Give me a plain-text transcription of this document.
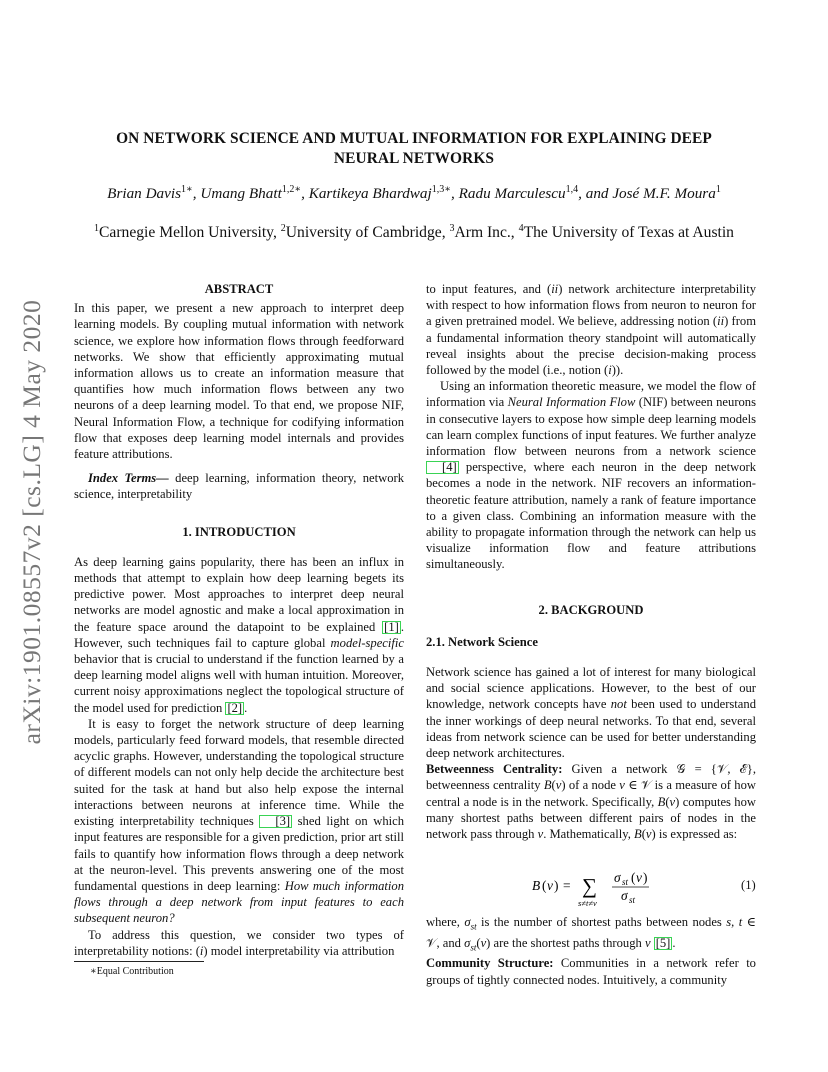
ON NETWORK SCIENCE AND MUTUAL INFORMATION FOR EXPLAINING DEEP
NEURAL NETWORKS
Brian Davis$^{1∗}$, Umang Bhatt$^{1,2∗}$, Kartikeya Bhardwaj$^{1,3∗}$, Radu Marculescu$^{1,4}$, and José M.F. Moura$^1$
$^1$Carnegie Mellon University, $^2$University of Cambridge, $^3$Arm Inc., $^4$The University of Texas at Austin
arXiv:1901.08557v2 [cs.LG] 4 May 2020

ABSTRACT

In this paper, we present a new approach to interpret deep learning models. By coupling mutual information with network science, we explore how information flows through feedforward networks. We show that efficiently approximating mutual information allows us to create an information measure that quantifies how much information flows between any two neurons of a deep learning model. To that end, we propose NIF, Neural Information Flow, a technique for codifying information flow that exposes deep learning model internals and provides feature attributions.

Index Terms— deep learning, information theory, network science, interpretability

1. INTRODUCTION

As deep learning gains popularity, there has been an influx in methods that attempt to explain how deep learning begets its predictive power. Most approaches to interpret deep neural networks are model agnostic and make a local approximation in the feature space around the datapoint to be explained [1] . However, such techniques fail to capture global model-specific behavior that is crucial to understand if the function learned by a deep learning model aligns well with human intuition. Moreover, current noisy approximations neglect the topological structure of the model used for prediction [2] .

It is easy to forget the network structure of deep learning models, particularly feed forward models, that resemble directed acyclic graphs. However, understanding the topological structure of different models can not only help decide the architecture best suited for the task at hand but also help expose the internal interactions between neurons at inference time. While the existing interpretability techniques [3] shed light on which input features are responsible for a given prediction, prior art still fails to quantify how information flows through a deep network at the neuron-level. This prevents answering one of the most fundamental questions in deep learning: How much information flows through a deep network from input features to each subsequent neuron?

To address this question, we consider two types of interpretability notions: (i) model interpretability via attribution

∗Equal Contribution

to input features, and (ii) network architecture interpretability with respect to how information flows from neuron to neuron for a given pretrained model. We believe, addressing notion (ii) from a fundamental information theory standpoint will automatically reveal insights about the precise decision-making process followed by the model (i.e., notion (i)).

Using an information theoretic measure, we model the flow of information via Neural Information Flow (NIF) between neurons in consecutive layers to expose how simple deep learning models can learn complex functions of input features. We further analyze information flow between neurons from a network science [4] perspective, where each neuron in the deep network becomes a node in the network. NIF recovers an information-theoretic feature attribution, namely a rank of feature importance to a given class. Combining an information measure with the ability to propagate information through the network can help us visualize information flow and feature attributions simultaneously.

2. BACKGROUND

2.1. Network Science

Network science has gained a lot of interest for many biological and social science applications. However, to the best of our knowledge, network concepts have not been used to understand the inner workings of deep neural networks. To that end, several ideas from network science can be used for better understanding deep network architectures.

Betweenness Centrality: Given a network 𝒢 = {𝒱, ℰ}, betweenness centrality B(v) of a node v ∈ 𝒱 is a measure of how central a node is in the network. Specifically, B(v) computes how many shortest paths between different pairs of nodes in the network pass through v. Mathematically, B(v) is expressed as:

B ( v ) = ∑
s≠t≠v
σ st ( v )
σ st
(1)

where, $\sigma_{st}$ is the number of shortest paths between nodes s, t ∈ 𝒱, and $\sigma_{st}(v)$ are the shortest paths through v [5] .

Community Structure: Communities in a network refer to groups of tightly connected nodes. Intuitively, a community
